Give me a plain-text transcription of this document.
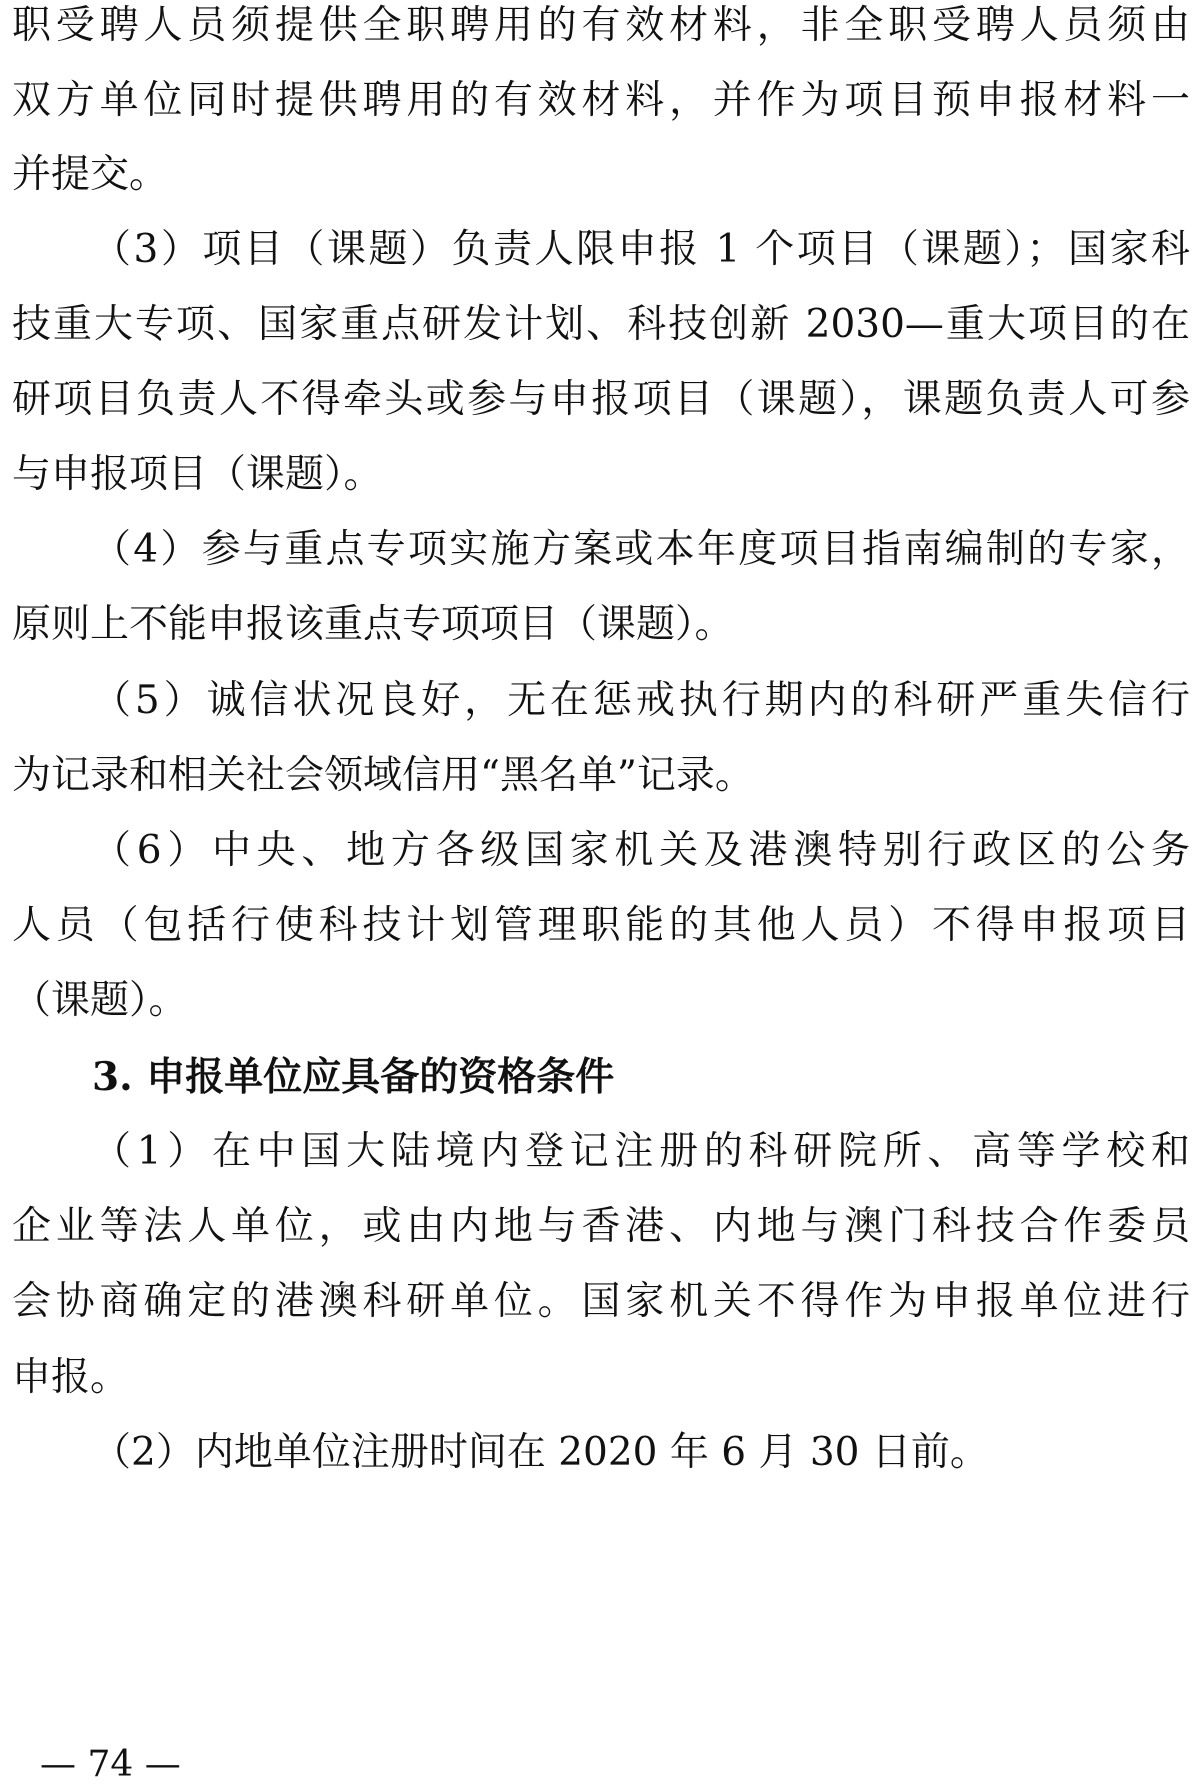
职受聘人员须提供全职聘用的有效材料，非全职受聘人员须由
双方单位同时提供聘用的有效材料，并作为项目预申报材料一
并提交。
（3）项目（课题）负责人限申报 1 个项目（课题）；国家科
技重大专项、国家重点研发计划、科技创新 2030—重大项目的在
研项目负责人不得牵头或参与申报项目（课题），课题负责人可参
与申报项目（课题）。
（4）参与重点专项实施方案或本年度项目指南编制的专家，
原则上不能申报该重点专项项目（课题）。
（5）诚信状况良好，无在惩戒执行期内的科研严重失信行
为记录和相关社会领域信用“黑名单”记录。
（6）中央、地方各级国家机关及港澳特别行政区的公务
人员（包括行使科技计划管理职能的其他人员）不得申报项目
（课题）。
3. 申报单位应具备的资格条件
（1）在中国大陆境内登记注册的科研院所、高等学校和
企业等法人单位，或由内地与香港、内地与澳门科技合作委员
会协商确定的港澳科研单位。国家机关不得作为申报单位进行
申报。
（2）内地单位注册时间在 2020 年 6 月 30 日前。
— 74 —
